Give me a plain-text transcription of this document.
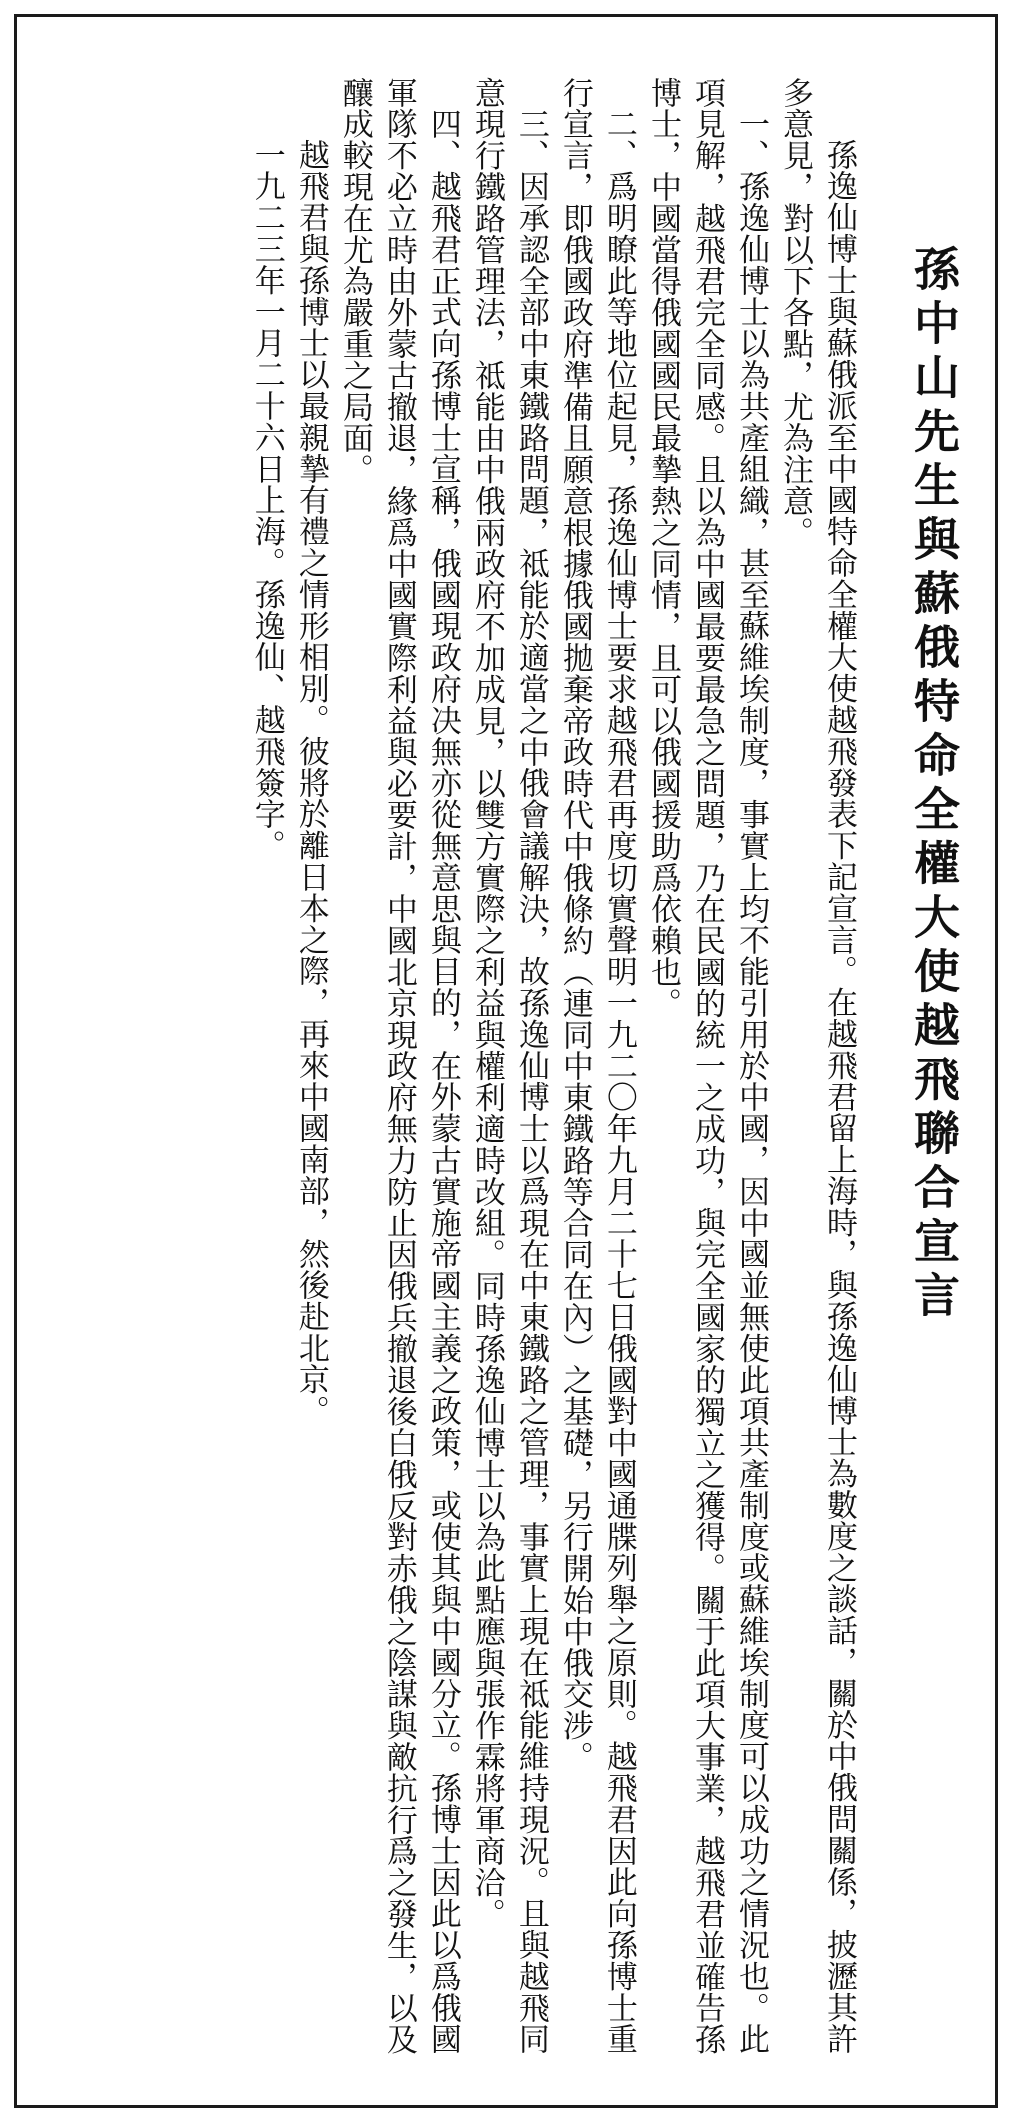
孫中山先生與蘇俄特命全權大使越飛聯合宣言

孫逸仙博士與蘇俄派至中國特命全權大使越飛發表下記宣言。在越飛君留上海時，與孫逸仙博士為數度之談話，關於中俄問關係，披瀝其許多意見，對以下各點，尤為注意。

一、孫逸仙博士以為共產組織，甚至蘇維埃制度，事實上均不能引用於中國，因中國並無使此項共產制度或蘇維埃制度可以成功之情況也。此項見解，越飛君完全同感。且以為中國最要最急之問題，乃在民國的統一之成功，與完全國家的獨立之獲得。關于此項大事業，越飛君並確告孫博士，中國當得俄國國民最摯熱之同情，且可以俄國援助爲依賴也。

二、爲明瞭此等地位起見，孫逸仙博士要求越飛君再度切實聲明一九二〇年九月二十七日俄國對中國通牒列舉之原則。越飛君因此向孫博士重行宣言，即俄國政府準備且願意根據俄國拋棄帝政時代中俄條約︵連同中東鐵路等合同在內︶之基礎，另行開始中俄交涉。

三、因承認全部中東鐵路問題，祗能於適當之中俄會議解決，故孫逸仙博士以爲現在中東鐵路之管理，事實上現在祗能維持現況。且與越飛同意現行鐵路管理法，祗能由中俄兩政府不加成見，以雙方實際之利益與權利適時改組。同時孫逸仙博士以為此點應與張作霖將軍商洽。

四、越飛君正式向孫博士宣稱，俄國現政府决無亦從無意思與目的，在外蒙古實施帝國主義之政策，或使其與中國分立。孫博士因此以爲俄國軍隊不必立時由外蒙古撤退，緣爲中國實際利益與必要計，中國北京現政府無力防止因俄兵撤退後白俄反對赤俄之陰謀與敵抗行爲之發生，以及釀成較現在尤為嚴重之局面。

越飛君與孫博士以最親摯有禮之情形相別。彼將於離日本之際，再來中國南部，然後赴北京。

一九二三年一月二十六日上海。孫逸仙、越飛簽字。
